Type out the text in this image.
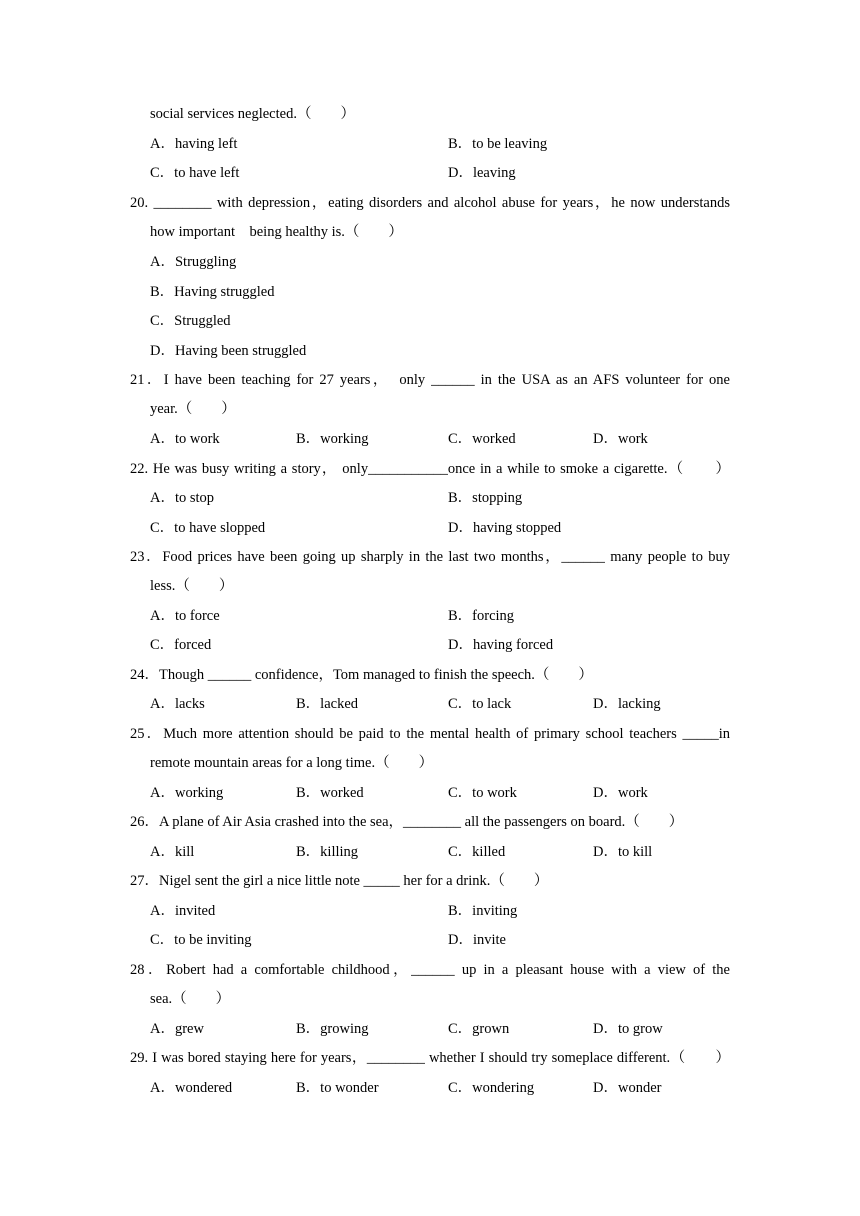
social services neglected.（　　）
A．having left	B．to be leaving
C．to have left	D．leaving
20. ________ with depression，eating disorders and alcohol abuse for years，he now understands
how important　being healthy is.（　　）
A．Struggling
B．Having struggled
C．Struggled
D．Having been struggled
21．I have been teaching for 27 years，　only ______ in the USA as an AFS volunteer for one
year.（　　）
A．to work	B．working	C．worked	D．work
22. He was busy writing a story， only___________once in a while to smoke a cigarette.（　　）
A．to stop	B．stopping
C．to have slopped	D．having stopped
23．Food prices have been going up sharply in the last two months，______ many people to buy
less.（　　）
A．to force	B．forcing
C．forced	D．having forced
24．Though ______ confidence，Tom managed to finish the speech.（　　）
A．lacks	B．lacked	C．to lack	D．lacking
25．Much more attention should be paid to the mental health of primary school teachers _____in
remote mountain areas for a long time.（　　）
A．working	B．worked	C．to work	D．work
26．A plane of Air Asia crashed into the sea，________ all the passengers on board.（　　）
A．kill	B．killing	C．killed	D．to kill
27．Nigel sent the girl a nice little note _____ her for a drink.（　　）
A．invited	B．inviting
C．to be inviting	D．invite
28．Robert had a comfortable childhood，______ up in a pleasant house with a view of the
sea.（　　）
A．grew	B．growing	C．grown	D．to grow
29. I was bored staying here for years，________ whether I should try someplace different.（　　）
A．wondered	B．to wonder	C．wondering	D．wonder
